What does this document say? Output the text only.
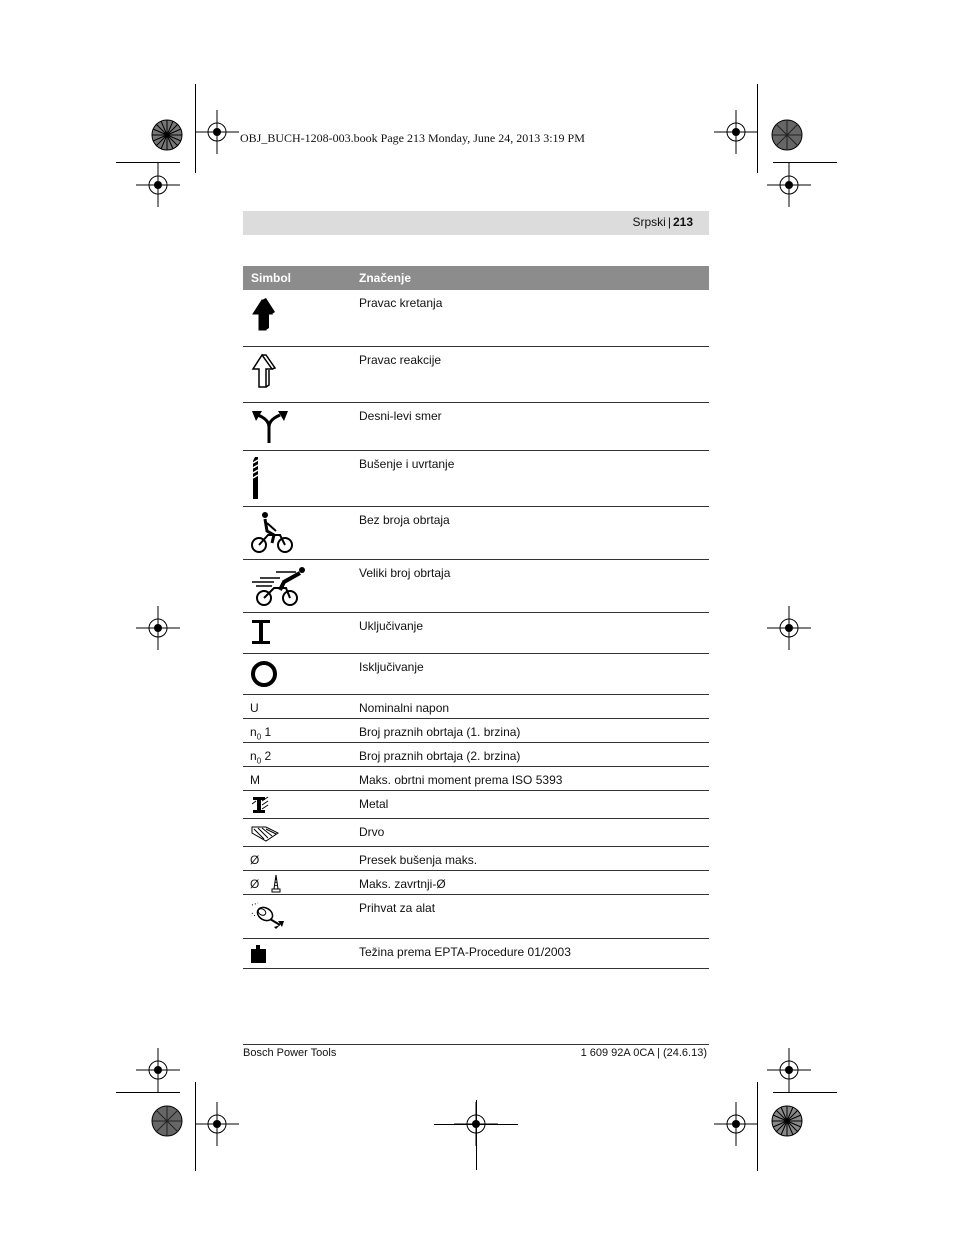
OBJ_BUCH-1208-003.book Page 213 Monday, June 24, 2013 3:19 PM
Srpski | 213
Simbol	Značenje

	Pravac kretanja

	Pravac reakcije

	Desni-levi smer

	Bušenje i uvrtanje

	Bez broja obrtaja

	Veliki broj obrtaja

	Uključivanje

	Isključivanje
U	Nominalni napon
$n_0$ 1	Broj praznih obrtaja (1. brzina)
$n_0$ 2	Broj praznih obrtaja (2. brzina)
M	Maks. obrtni moment prema ISO 5393

	Metal

	Drvo
Ø	Presek bušenja maks.
Ø	Maks. zavrtnji-Ø

	Prihvat za alat

	Težina prema EPTA-Procedure 01/2003
Bosch Power Tools	1 609 92A 0CA | (24.6.13)
